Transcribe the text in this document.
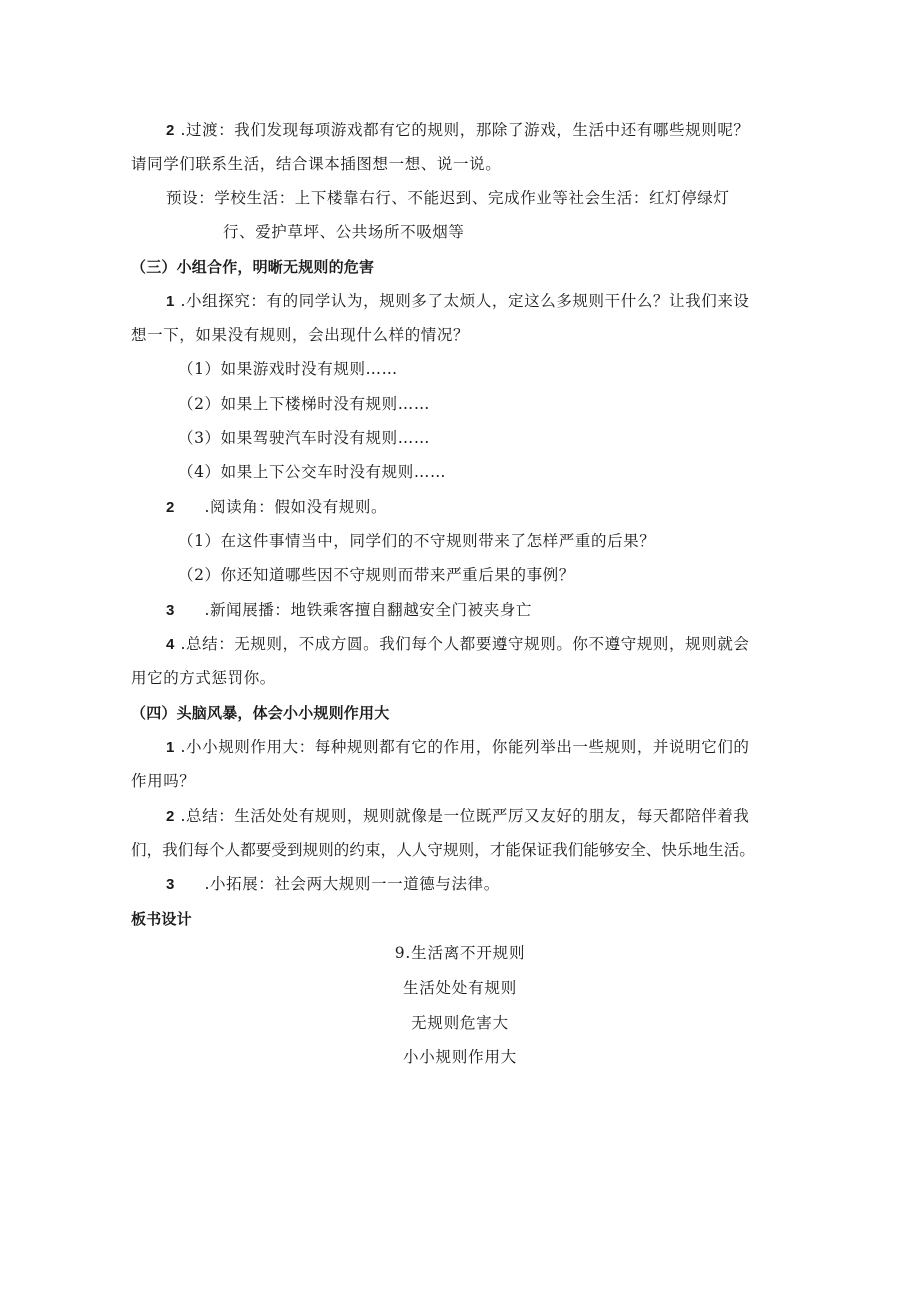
2 .过渡：我们发现每项游戏都有它的规则，那除了游戏，生活中还有哪些规则呢？
请同学们联系生活，结合课本插图想一想、说一说。
预设：学校生活：上下楼靠右行、不能迟到、完成作业等社会生活：红灯停绿灯
行、爱护草坪、公共场所不吸烟等
（三）小组合作，明晰无规则的危害
1 .小组探究：有的同学认为，规则多了太烦人，定这么多规则干什么？让我们来设
想一下，如果没有规则，会出现什么样的情况？
（1）如果游戏时没有规则……
（2）如果上下楼梯时没有规则……
（3）如果驾驶汽车时没有规则……
（4）如果上下公交车时没有规则……
2 .阅读角：假如没有规则。
（1）在这件事情当中，同学们的不守规则带来了怎样严重的后果？
（2）你还知道哪些因不守规则而带来严重后果的事例？
3 .新闻展播：地铁乘客擅自翻越安全门被夹身亡
4 .总结：无规则，不成方圆。我们每个人都要遵守规则。你不遵守规则，规则就会
用它的方式惩罚你。
（四）头脑风暴，体会小小规则作用大
1 .小小规则作用大：每种规则都有它的作用，你能列举出一些规则，并说明它们的
作用吗？
2 .总结：生活处处有规则，规则就像是一位既严厉又友好的朋友，每天都陪伴着我
们，我们每个人都要受到规则的约束，人人守规则，才能保证我们能够安全、快乐地生活。
3 .小拓展：社会两大规则一一道德与法律。
板书设计
9.生活离不开规则
生活处处有规则
无规则危害大
小小规则作用大
